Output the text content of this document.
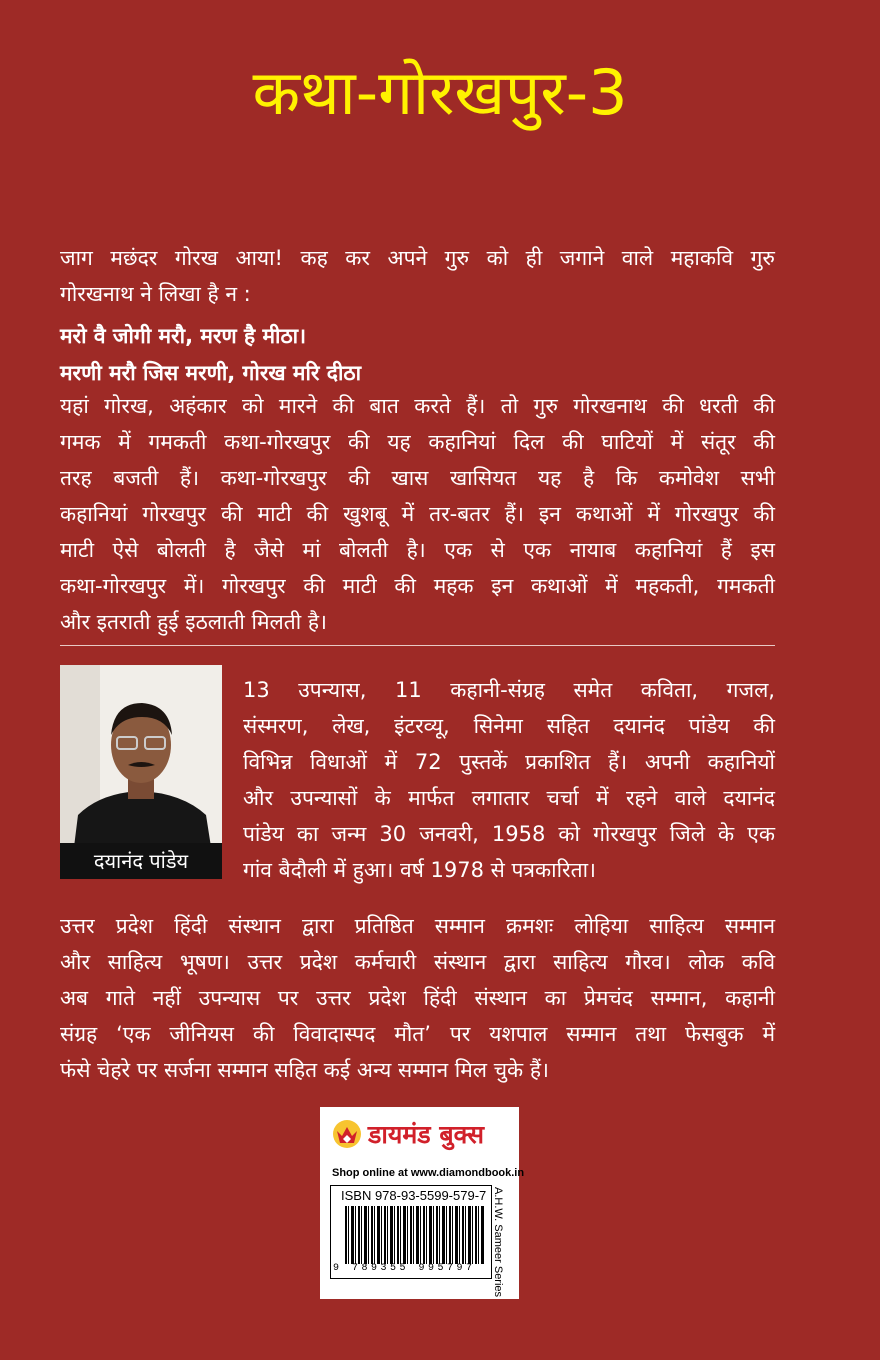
कथा-गोरखपुर-3
जाग मछंदर गोरख आया! कह कर अपने गुरु को ही जगाने वाले महाकवि गुरु
गोरखनाथ ने लिखा है न :
मरो वै जोगी मरौ, मरण है मीठा।
मरणी मरौ जिस मरणी, गोरख मरि दीठा
यहां गोरख, अहंकार को मारने की बात करते हैं। तो गुरु गोरखनाथ की धरती की
गमक में गमकती कथा-गोरखपुर की यह कहानियां दिल की घाटियों में संतूर की
तरह बजती हैं। कथा-गोरखपुर की खास खासियत यह है कि कमोवेश सभी
कहानियां गोरखपुर की माटी की खुशबू में तर-बतर हैं। इन कथाओं में गोरखपुर की
माटी ऐसे बोलती है जैसे मां बोलती है। एक से एक नायाब कहानियां हैं इस
कथा-गोरखपुर में। गोरखपुर की माटी की महक इन कथाओं में महकती, गमकती
और इतराती हुई इठलाती मिलती है।
दयानंद पांडेय
13 उपन्यास, 11 कहानी-संग्रह समेत कविता, गजल,
संस्मरण, लेख, इंटरव्यू, सिनेमा सहित दयानंद पांडेय की
विभिन्न विधाओं में 72 पुस्तकें प्रकाशित हैं। अपनी कहानियों
और उपन्यासों के मार्फत लगातार चर्चा में रहने वाले दयानंद
पांडेय का जन्म 30 जनवरी, 1958 को गोरखपुर जिले के एक
गांव बैदौली में हुआ। वर्ष 1978 से पत्रकारिता।
उत्तर प्रदेश हिंदी संस्थान द्वारा प्रतिष्ठित सम्मान क्रमशः लोहिया साहित्य सम्मान
और साहित्य भूषण। उत्तर प्रदेश कर्मचारी संस्थान द्वारा साहित्य गौरव। लोक कवि
अब गाते नहीं उपन्यास पर उत्तर प्रदेश हिंदी संस्थान का प्रेमचंद सम्मान, कहानी
संग्रह ‘एक जीनियस की विवादास्पद मौत’ पर यशपाल सम्मान तथा फेसबुक में
फंसे चेहरे पर सर्जना सम्मान सहित कई अन्य सम्मान मिल चुके हैं।
डायमंड बुक्स
Shop online at www.diamondbook.in
ISBN 978-93-5599-579-7
9 789355 995797 A.H.W. Sameer Series
